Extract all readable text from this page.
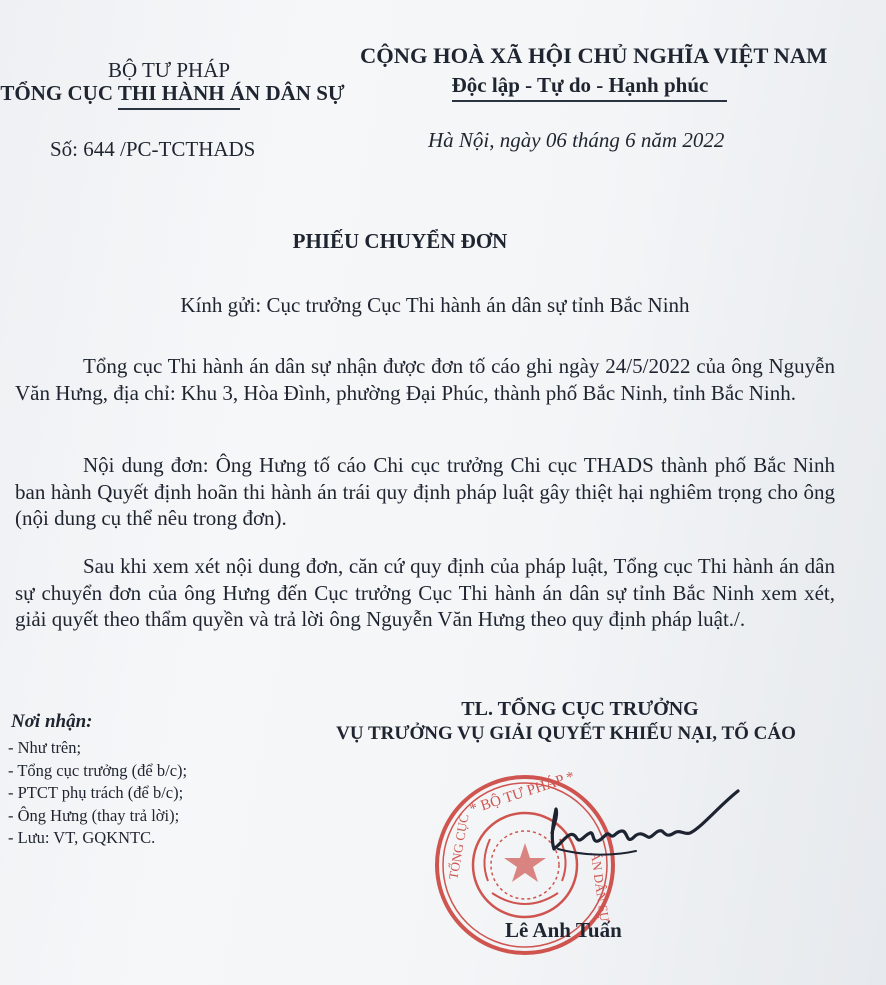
BỘ TƯ PHÁP
TỔNG CỤC THI HÀNH ÁN DÂN SỰ
CỘNG HOÀ XÃ HỘI CHỦ NGHĨA VIỆT NAM
Độc lập - Tự do - Hạnh phúc
Số: 644 /PC-TCTHADS	Hà Nội, ngày 06 tháng 6 năm 2022
PHIẾU CHUYỂN ĐƠN
Kính gửi: Cục trưởng Cục Thi hành án dân sự tỉnh Bắc Ninh
Tổng cục Thi hành án dân sự nhận được đơn tố cáo ghi ngày 24/5/2022 của ông Nguyễn Văn Hưng, địa chỉ: Khu 3, Hòa Đình, phường Đại Phúc, thành phố Bắc Ninh, tỉnh Bắc Ninh.
Nội dung đơn: Ông Hưng tố cáo Chi cục trưởng Chi cục THADS thành phố Bắc Ninh ban hành Quyết định hoãn thi hành án trái quy định pháp luật gây thiệt hại nghiêm trọng cho ông (nội dung cụ thể nêu trong đơn).
Sau khi xem xét nội dung đơn, căn cứ quy định của pháp luật, Tổng cục Thi hành án dân sự chuyển đơn của ông Hưng đến Cục trưởng Cục Thi hành án dân sự tỉnh Bắc Ninh xem xét, giải quyết theo thẩm quyền và trả lời ông Nguyễn Văn Hưng theo quy định pháp luật./.
TL. TỔNG CỤC TRƯỞNG
VỤ TRƯỞNG VỤ GIẢI QUYẾT KHIẾU NẠI, TỐ CÁO
Nơi nhận:
- Như trên;
- Tổng cục trưởng (để b/c);
- PTCT phụ trách (để b/c);
- Ông Hưng (thay trả lời);
- Lưu: VT, GQKNTC.
* BỘ TƯ PHÁP *
TỔNG CỤC
ÁN DÂN SỰ
Lê Anh Tuấn
